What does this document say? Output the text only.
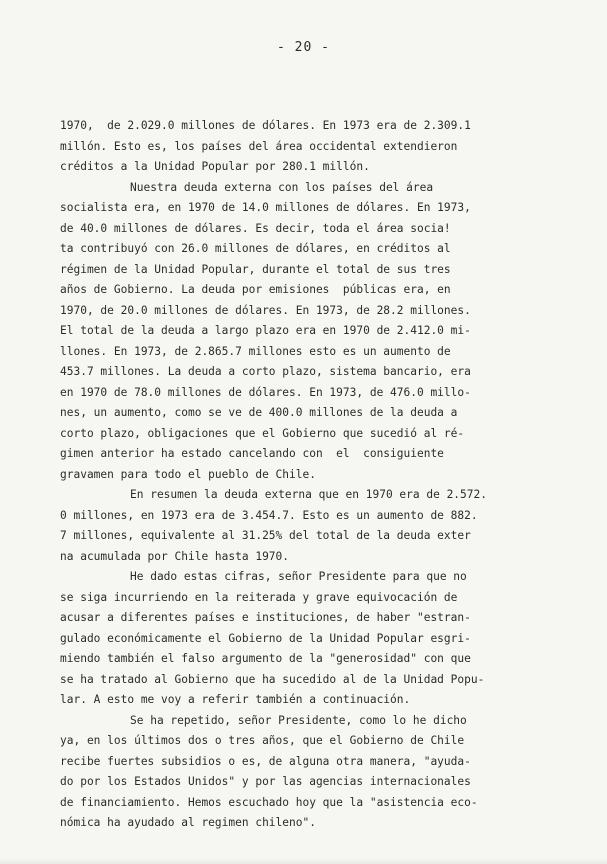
- 20 -
1970,  de 2.029.0 millones de dólares. En 1973 era de 2.309.1
millón. Esto es, los países del área occidental extendieron
créditos a la Unidad Popular por 280.1 millón.
Nuestra deuda externa con los países del área
socialista era, en 1970 de 14.0 millones de dólares. En 1973,
de 40.0 millones de dólares. Es decir, toda el área socia!
ta contribuyó con 26.0 millones de dólares, en créditos al
régimen de la Unidad Popular, durante el total de sus tres
años de Gobierno. La deuda por emisiones  públicas era, en
1970, de 20.0 millones de dólares. En 1973, de 28.2 millones.
El total de la deuda a largo plazo era en 1970 de 2.412.0 mi-
llones. En 1973, de 2.865.7 millones esto es un aumento de
453.7 millones. La deuda a corto plazo, sistema bancario, era
en 1970 de 78.0 millones de dólares. En 1973, de 476.0 millo-
nes, un aumento, como se ve de 400.0 millones de la deuda a
corto plazo, obligaciones que el Gobierno que sucedió al ré-
gimen anterior ha estado cancelando con  el  consiguiente
gravamen para todo el pueblo de Chile.
En resumen la deuda externa que en 1970 era de 2.572.
0 millones, en 1973 era de 3.454.7. Esto es un aumento de 882.
7 millones, equivalente al 31.25% del total de la deuda exter
na acumulada por Chile hasta 1970.
He dado estas cifras, señor Presidente para que no
se siga incurriendo en la reiterada y grave equivocación de
acusar a diferentes países e instituciones, de haber "estran-
gulado económicamente el Gobierno de la Unidad Popular esgri-
miendo también el falso argumento de la "generosidad" con que
se ha tratado al Gobierno que ha sucedido al de la Unidad Popu-
lar. A esto me voy a referir también a continuación.
Se ha repetido, señor Presidente, como lo he dicho
ya, en los últimos dos o tres años, que el Gobierno de Chile
recibe fuertes subsidios o es, de alguna otra manera, "ayuda-
do por los Estados Unidos" y por las agencias internacionales
de financiamiento. Hemos escuchado hoy que la "asistencia eco-
nómica ha ayudado al regimen chileno".
